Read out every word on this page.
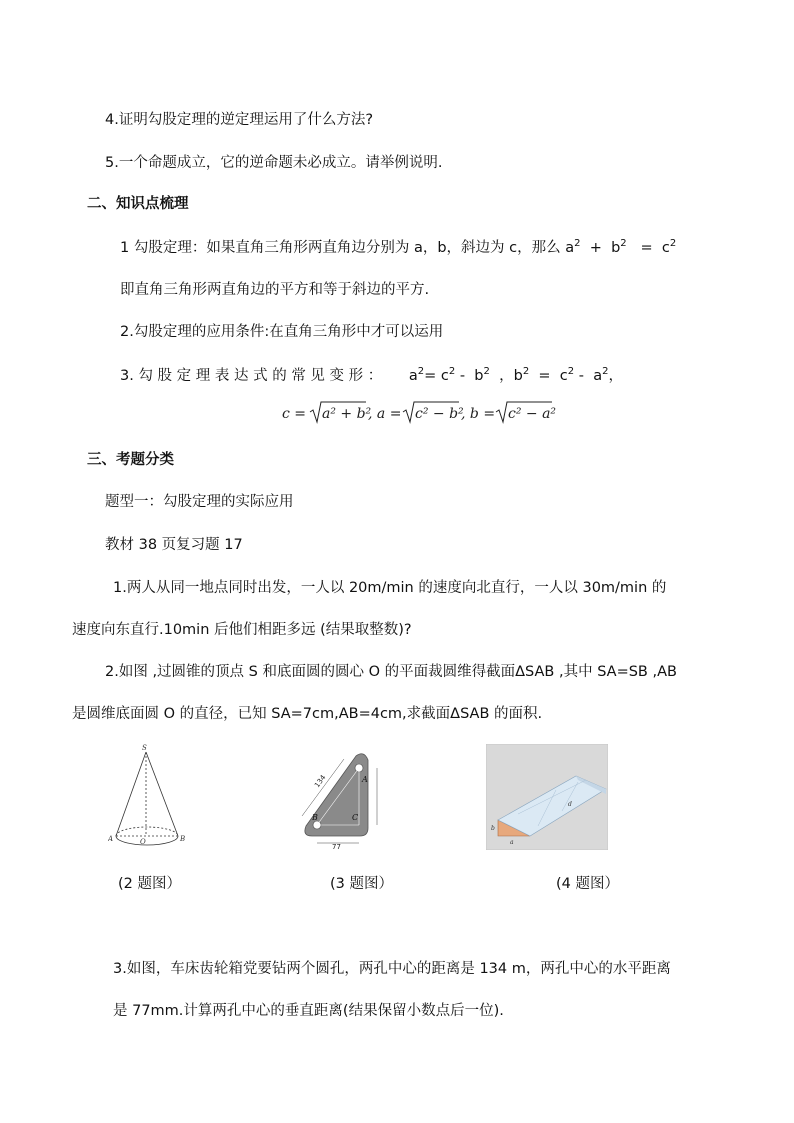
4.证明勾股定理的逆定理运用了什么方法?
5.一个命题成立，它的逆命题未必成立。请举例说明.
二、知识点梳理
1 勾股定理：如果直角三角形两直角边分别为 a，b，斜边为 c，那么 $a^2 + b^2 = c^2$
即直角三角形两直角边的平方和等于斜边的平方.
2.勾股定理的应用条件:在直角三角形中才可以运用
3. 勾 股 定 理 表 达 式 的 常 见 变 形 ： $a^2= c^2 - b^2$  ，$b^2 = c^2 - a^2$，
c = a² + b²
, a = c² − b²
, b = c² − a²
三、考题分类
题型一：勾股定理的实际应用
教材 38 页复习题 17
1.两人从同一地点同时出发，一人以 20m/min 的速度向北直行，一人以 30m/min 的
速度向东直行.10min 后他们相距多远 (结果取整数)?
2.如图 ,过圆锥的顶点 S 和底面圆的圆心 O 的平面裁圆维得截面ΔSAB ,其中 SA=SB ,AB
是圆维底面圆 O 的直径，已知 SA=7cm,AB=4cm,求截面ΔSAB 的面积.
S
A	B
O
134
77
A
B	C
b
a
d
(2 题图）	(3 题图）	(4 题图）
3.如图，车床齿轮箱党要钻两个圆孔，两孔中心的距离是 134 m，两孔中心的水平距离
是 77mm.计算两孔中心的垂直距离(结果保留小数点后一位).
